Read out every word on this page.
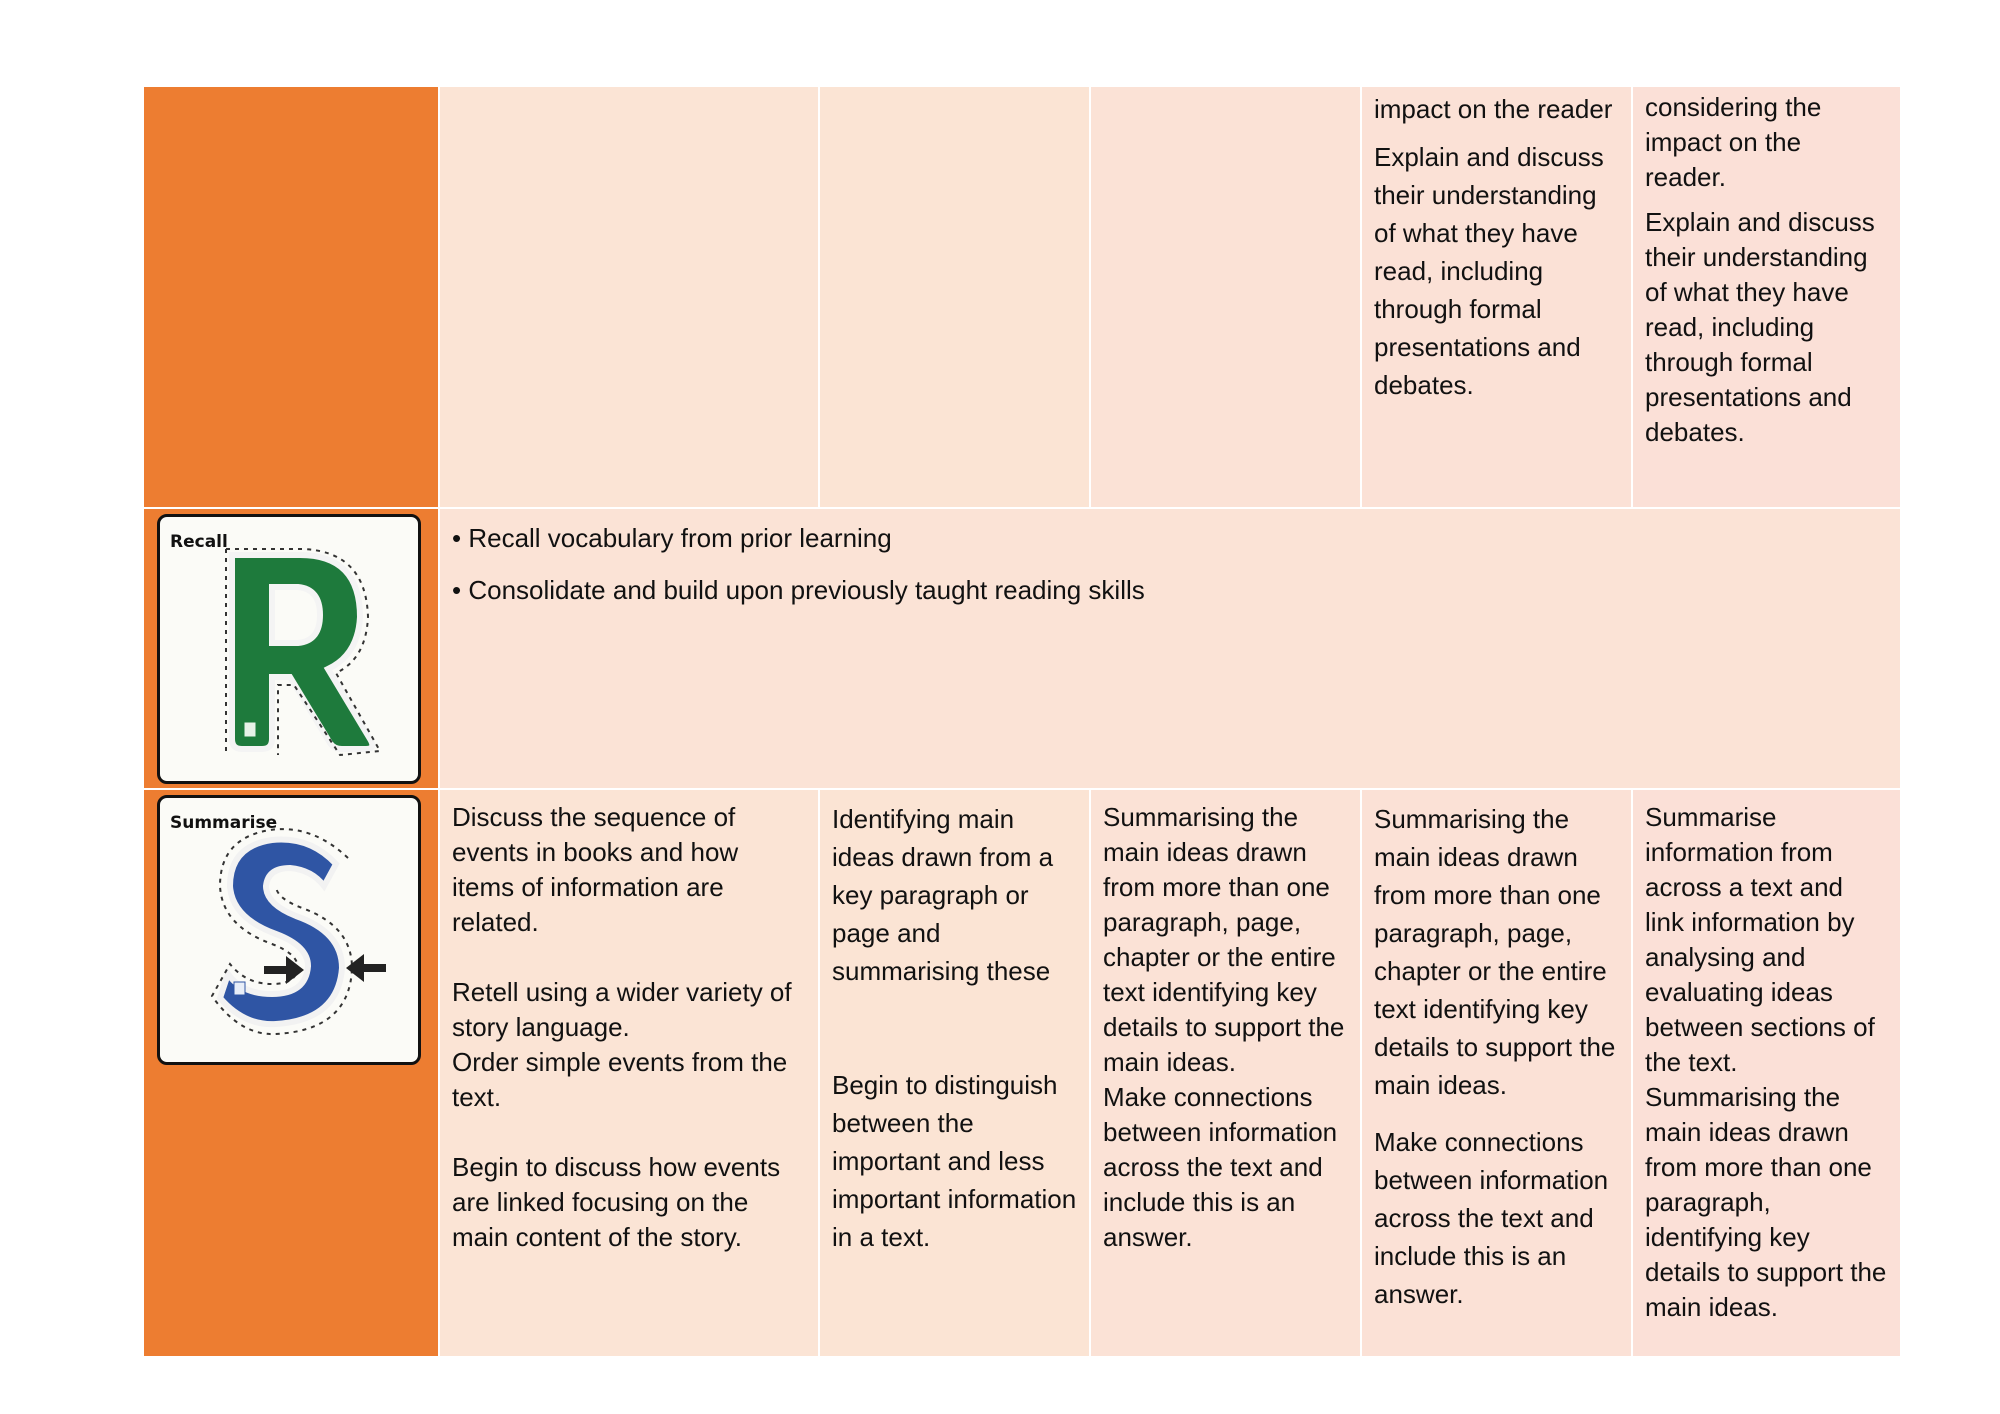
impact on the reader

Explain and discuss their understanding of what they have read, including through formal presentations and debates.

considering the impact on the reader.

Explain and discuss their understanding of what they have read, including through formal presentations and debates.

Recall	• Recall vocabulary from prior learning

• Consolidate and build upon previously taught reading skills

Summarise	Discuss the sequence of events in books and how items of information are related.

Retell using a wider variety of story language.

Order simple events from the text.

Begin to discuss how events are linked focusing on the main content of the story.

Identifying main ideas drawn from a key paragraph or page and summarising these

Begin to distinguish between the important and less important information in a text.

Summarising the main ideas drawn from more than one paragraph, page, chapter or the entire text identifying key details to support the main ideas.

Make connections between information across the text and include this is an answer.

Summarising the main ideas drawn from more than one paragraph, page, chapter or the entire text identifying key details to support the main ideas.

Make connections between information across the text and include this is an answer.

Summarise information from across a text and link information by analysing and evaluating ideas between sections of the text.

Summarising the main ideas drawn from more than one paragraph, identifying key details to support the main ideas.
